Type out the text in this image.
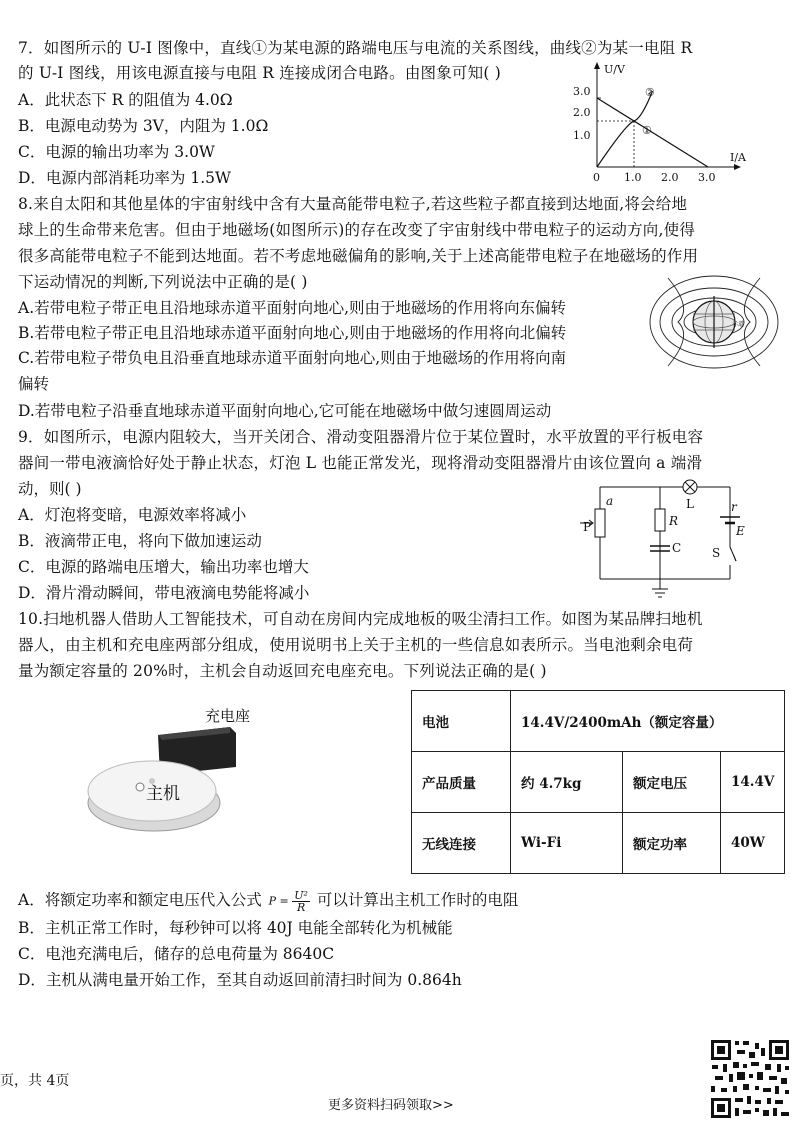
7．如图所示的 U-I 图像中，直线①为某电源的路端电压与电流的关系图线，曲线②为某一电阻 R
的 U-I 图线，用该电源直接与电阻 R 连接成闭合电路。由图象可知( )
A．此状态下 R 的阻值为 4.0Ω
B．电源电动势为 3V，内阻为 1.0Ω
C．电源的输出功率为 3.0W
D．电源内部消耗功率为 1.5W
U/V
I/A
0
3.0
2.0
1.0
1.0 2.0 3.0
②
①
8.来自太阳和其他星体的宇宙射线中含有大量高能带电粒子,若这些粒子都直接到达地面,将会给地
球上的生命带来危害。但由于地磁场(如图所示)的存在改变了宇宙射线中带电粒子的运动方向,使得
很多高能带电粒子不能到达地面。若不考虑地磁偏角的影响,关于上述高能带电粒子在地磁场的作用
下运动情况的判断,下列说法中正确的是( )
A.若带电粒子带正电且沿地球赤道平面射向地心,则由于地磁场的作用将向东偏转
B.若带电粒子带正电且沿地球赤道平面射向地心,则由于地磁场的作用将向北偏转
C.若带电粒子带负电且沿垂直地球赤道平面射向地心,则由于地磁场的作用将向南
偏转
D.若带电粒子沿垂直地球赤道平面射向地心,它可能在地磁场中做匀速圆周运动
赤道
9．如图所示，电源内阻较大，当开关闭合、滑动变阻器滑片位于某位置时，水平放置的平行板电容
器间一带电液滴恰好处于静止状态，灯泡 L 也能正常发光，现将滑动变阻器滑片由该位置向 a 端滑
动，则( )
A．灯泡将变暗，电源效率将减小
B．液滴带正电，将向下做加速运动
C．电源的路端电压增大，输出功率也增大
D．滑片滑动瞬间，带电液滴电势能将减小
a
P	R
C
L	r
E
S
10.扫地机器人借助人工智能技术，可自动在房间内完成地板的吸尘清扫工作。如图为某品牌扫地机
器人，由主机和充电座两部分组成，使用说明书上关于主机的一些信息如表所示。当电池剩余电荷
量为额定容量的 20%时，主机会自动返回充电座充电。下列说法正确的是( )
充电座
主机
电池	14.4V/2400mAh（额定容量）		
产品质量	约 4.7kg	额定电压	14.4V
无线连接	Wi-Fi	额定功率	40W
A．将额定功率和额定电压代入公式 $P = \frac{\text{U²}}{R}$ 可以计算出主机工作时的电阻
B．主机正常工作时，每秒钟可以将 40J 电能全部转化为机械能
C．电池充满电后，储存的总电荷量为 8640C
D．主机从满电量开始工作，至其自动返回前清扫时间为 0.864h
页，共 4页
更多资料扫码领取>>
